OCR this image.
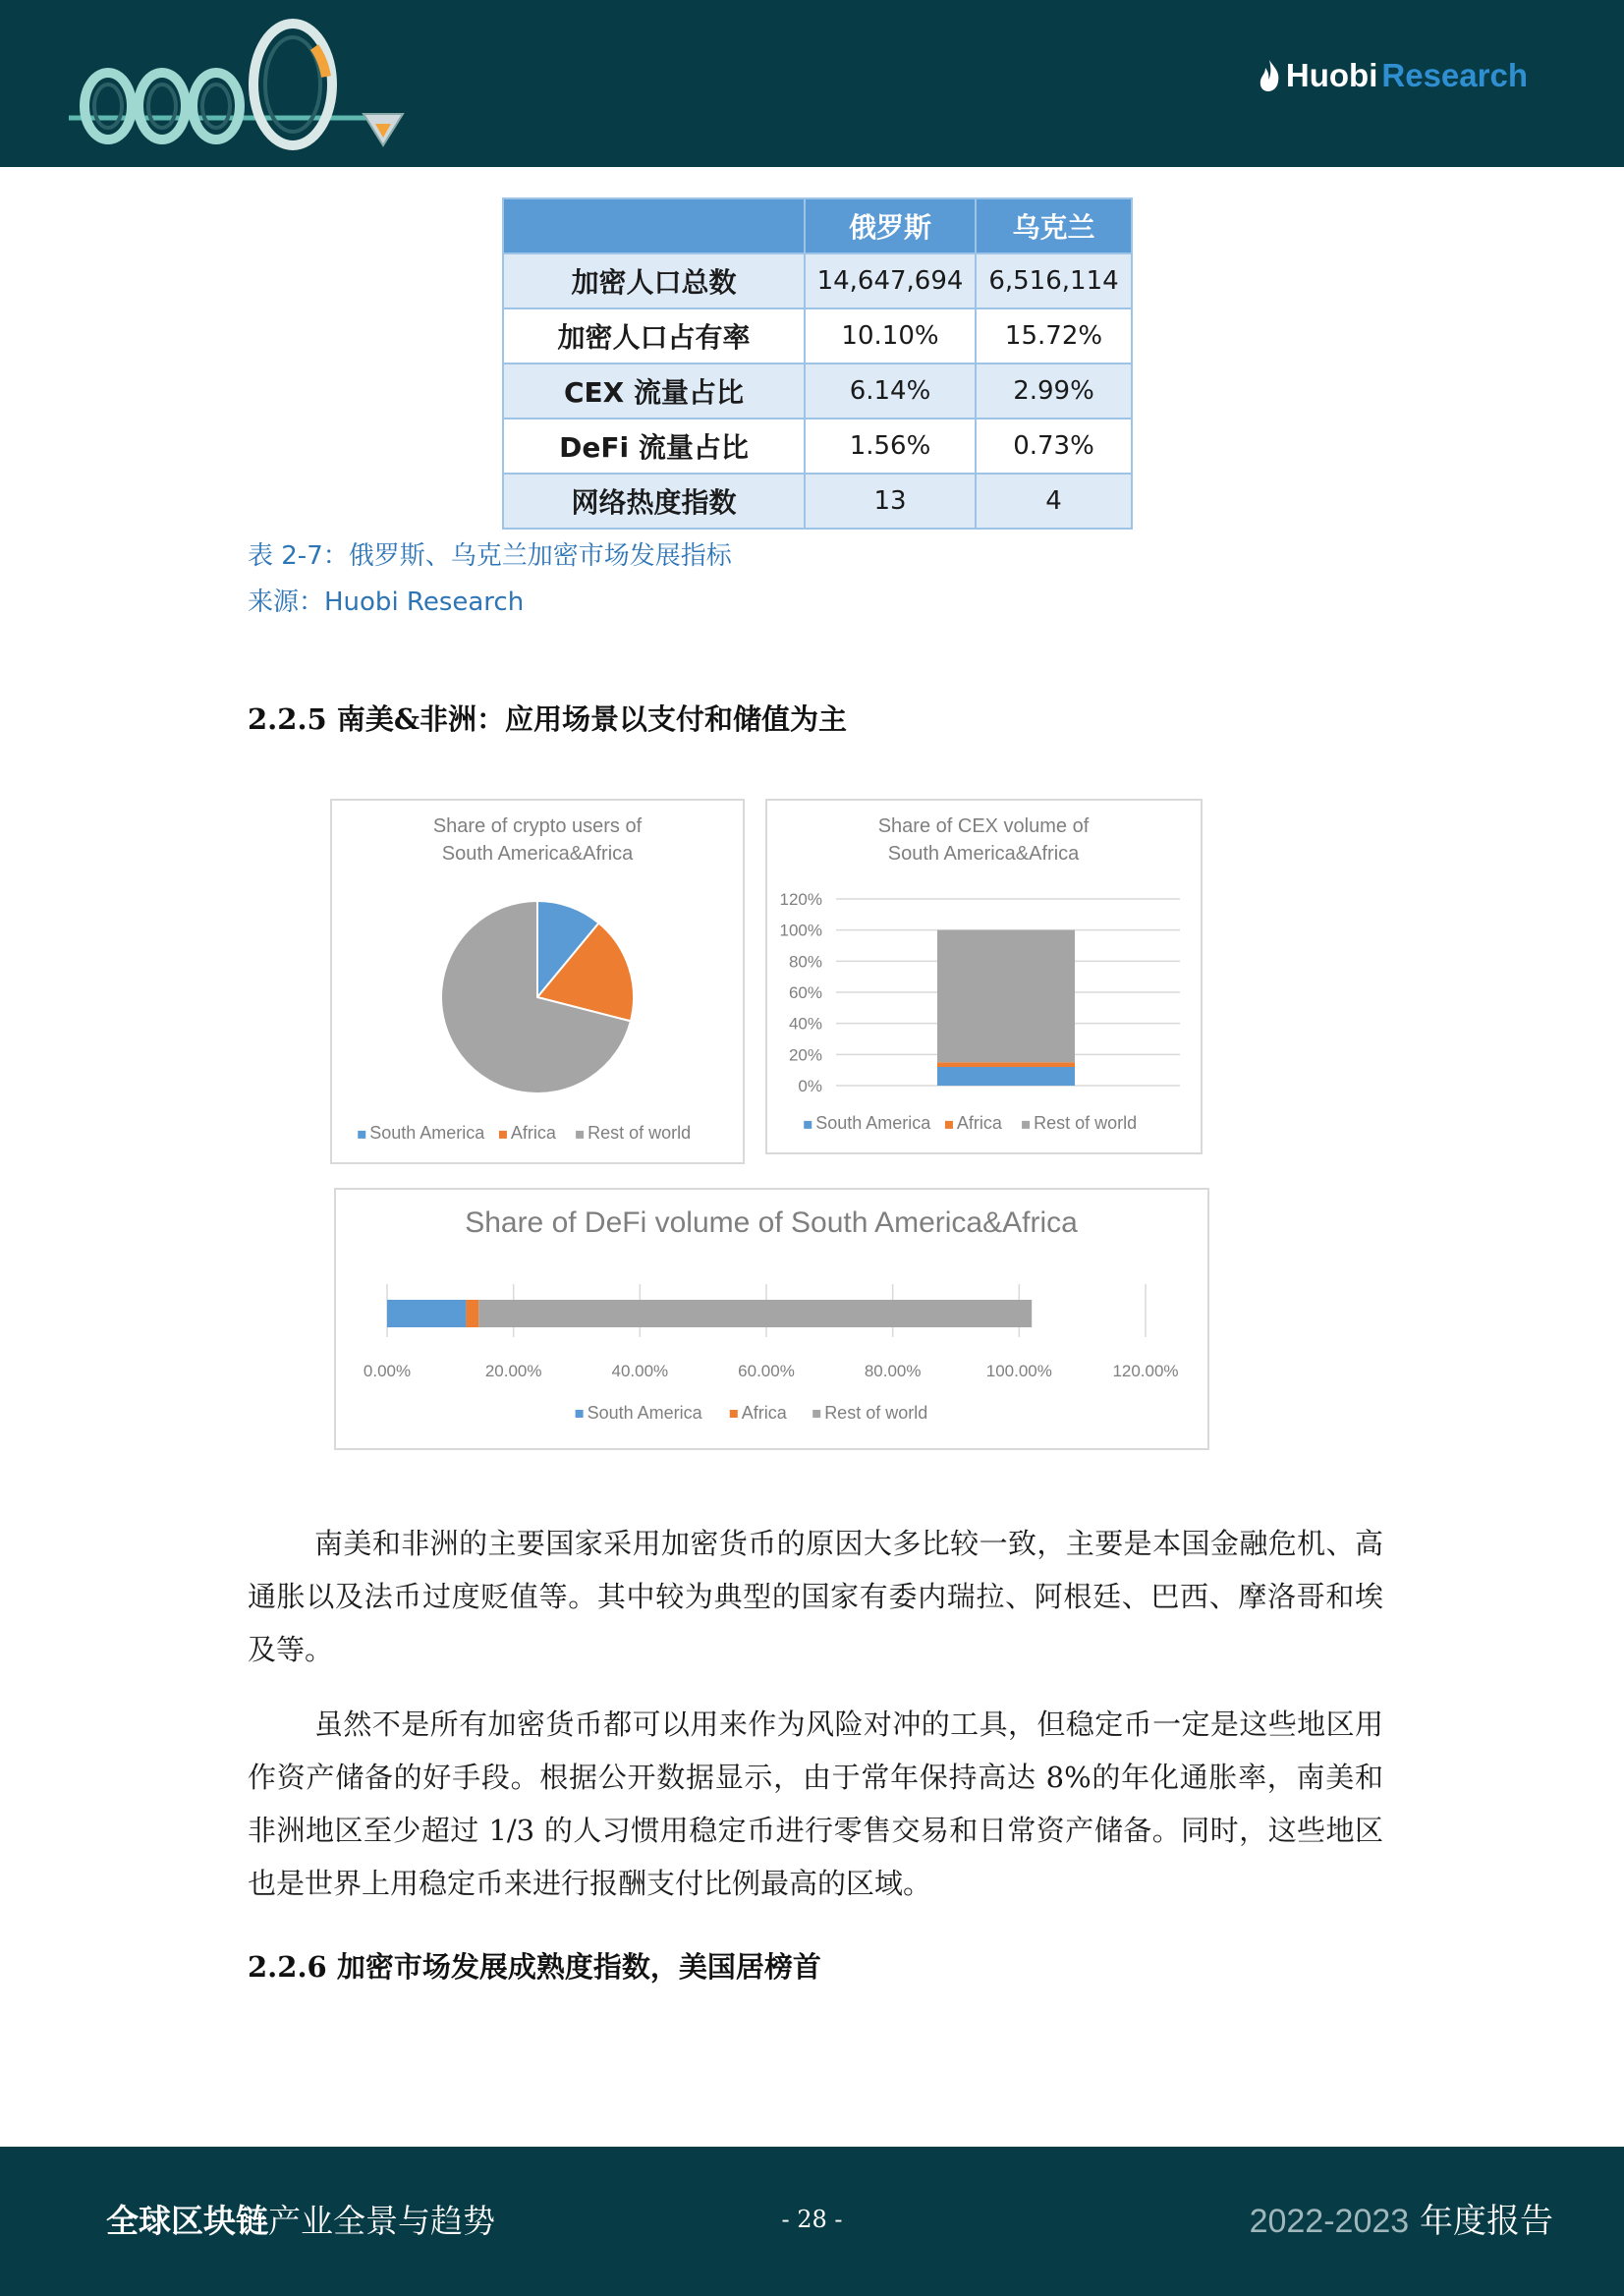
Huobi Research
	俄罗斯	乌克兰
加密人口总数	14,647,694	6,516,114
加密人口占有率	10.10%	15.72%
CEX 流量占比	6.14%	2.99%
DeFi 流量占比	1.56%	0.73%
网络热度指数	13	4
表 2-7：俄罗斯、乌克兰加密市场发展指标
来源：Huobi Research
2.2.5 南美&非洲：应用场景以支付和储值为主
Share of crypto users of
South America&Africa
South America Africa Rest of world
Share of CEX volume of
South America&Africa
0%
20%
40%
60%
80%
100%
120%
South America Africa Rest of world
Share of DeFi volume of South America&Africa
0.00%	20.00%	40.00%	60.00%	80.00%	100.00%	120.00%
South America Africa Rest of world

南美和非洲的主要国家采用加密货币的原因大多比较一致，主要是本国金融危机、高通胀以及法币过度贬值等。其中较为典型的国家有委内瑞拉、阿根廷、巴西、摩洛哥和埃及等。

虽然不是所有加密货币都可以用来作为风险对冲的工具，但稳定币一定是这些地区用作资产储备的好手段。根据公开数据显示，由于常年保持高达 8%的年化通胀率，南美和非洲地区至少超过 1/3 的人习惯用稳定币进行零售交易和日常资产储备。同时，这些地区也是世界上用稳定币来进行报酬支付比例最高的区域。

2.2.6 加密市场发展成熟度指数，美国居榜首
全球区块链产业全景与趋势	- 28 -	2022-2023 年度报告
